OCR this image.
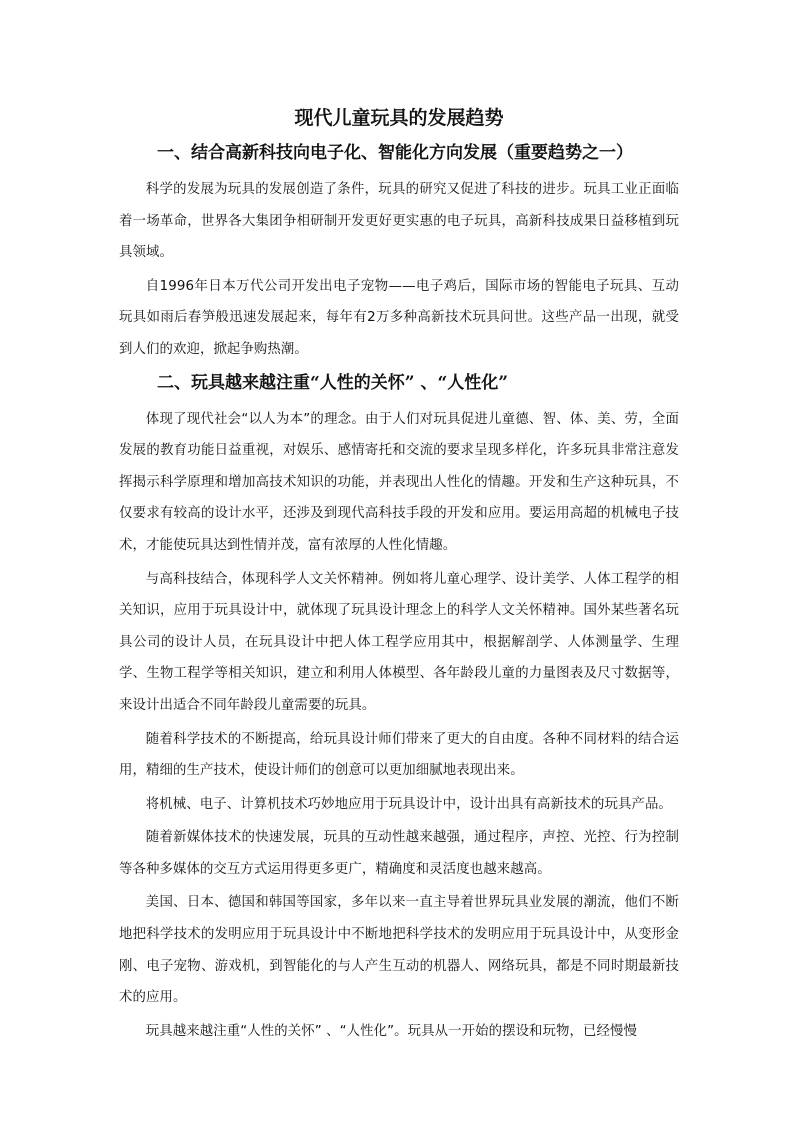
现代儿童玩具的发展趋势
一、结合高新科技向电子化、智能化方向发展（重要趋势之一）

科学的发展为玩具的发展创造了条件，玩具的研究又促进了科技的进步。玩具工业正面临着一场革命，世界各大集团争相研制开发更好更实惠的电子玩具，高新科技成果日益移植到玩具领域。

自1996年日本万代公司开发出电子宠物——电子鸡后，国际市场的智能电子玩具、互动玩具如雨后春笋般迅速发展起来，每年有2万多种高新技术玩具问世。这些产品一出现，就受到人们的欢迎，掀起争购热潮。

二、玩具越来越注重“人性的关怀” 、“人性化”

体现了现代社会“以人为本”的理念。由于人们对玩具促进儿童德、智、体、美、劳，全面发展的教育功能日益重视，对娱乐、感情寄托和交流的要求呈现多样化，许多玩具非常注意发挥揭示科学原理和增加高技术知识的功能，并表现出人性化的情趣。开发和生产这种玩具，不仅要求有较高的设计水平，还涉及到现代高科技手段的开发和应用。要运用高超的机械电子技术，才能使玩具达到性情并茂，富有浓厚的人性化情趣。

与高科技结合，体现科学人文关怀精神。例如将儿童心理学、设计美学、人体工程学的相关知识，应用于玩具设计中，就体现了玩具设计理念上的科学人文关怀精神。国外某些著名玩具公司的设计人员，在玩具设计中把人体工程学应用其中，根据解剖学、人体测量学、生理学、生物工程学等相关知识，建立和利用人体模型、各年龄段儿童的力量图表及尺寸数据等，来设计出适合不同年龄段儿童需要的玩具。

随着科学技术的不断提高，给玩具设计师们带来了更大的自由度。各种不同材料的结合运用，精细的生产技术，使设计师们的创意可以更加细腻地表现出来。

将机械、电子、计算机技术巧妙地应用于玩具设计中，设计出具有高新技术的玩具产品。

随着新媒体技术的快速发展，玩具的互动性越来越强，通过程序，声控、光控、行为控制等各种多媒体的交互方式运用得更多更广，精确度和灵活度也越来越高。

美国、日本、德国和韩国等国家，多年以来一直主导着世界玩具业发展的潮流，他们不断地把科学技术的发明应用于玩具设计中不断地把科学技术的发明应用于玩具设计中，从变形金刚、电子宠物、游戏机，到智能化的与人产生互动的机器人、网络玩具，都是不同时期最新技术的应用。

玩具越来越注重“人性的关怀” 、“人性化”。玩具从一开始的摆设和玩物，已经慢慢
